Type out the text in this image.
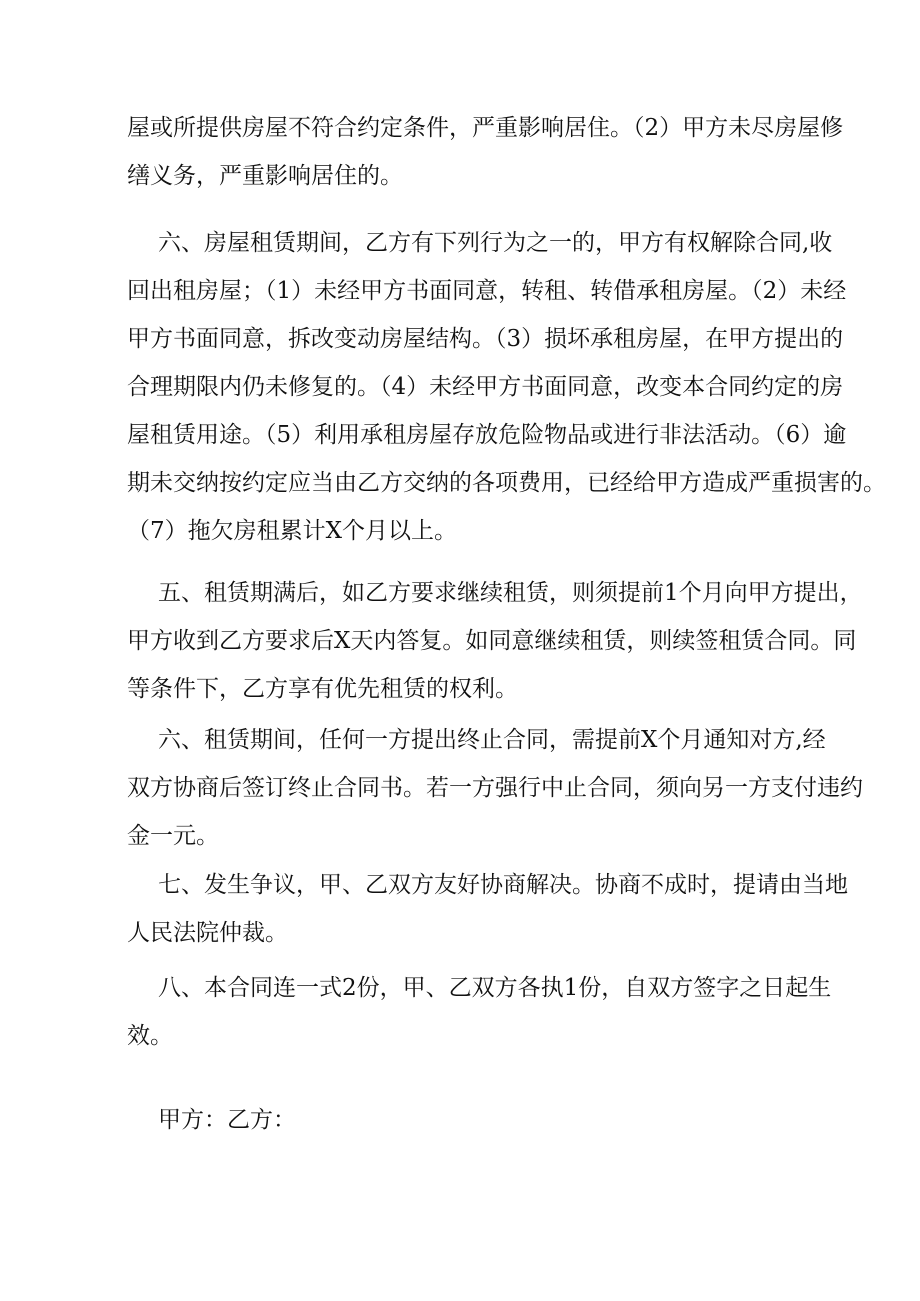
屋或所提供房屋不符合约定条件，严重影响居住。（2）甲方未尽房屋修
缮义务，严重影响居住的。
六、房屋租赁期间，乙方有下列行为之一的，甲方有权解除合同,收
回出租房屋；（1）未经甲方书面同意，转租、转借承租房屋。（2）未经
甲方书面同意，拆改变动房屋结构。（3）损坏承租房屋，在甲方提出的
合理期限内仍未修复的。（4）未经甲方书面同意，改变本合同约定的房
屋租赁用途。（5）利用承租房屋存放危险物品或进行非法活动。（6）逾
期未交纳按约定应当由乙方交纳的各项费用，已经给甲方造成严重损害的。
（7）拖欠房租累计X个月以上。
五、租赁期满后，如乙方要求继续租赁，则须提前1个月向甲方提出，
甲方收到乙方要求后X天内答复。如同意继续租赁，则续签租赁合同。同
等条件下，乙方享有优先租赁的权利。
六、租赁期间，任何一方提出终止合同，需提前X个月通知对方,经
双方协商后签订终止合同书。若一方强行中止合同，须向另一方支付违约
金一元。
七、发生争议，甲、乙双方友好协商解决。协商不成时，提请由当地
人民法院仲裁。
八、本合同连一式2份，甲、乙双方各执1份，自双方签字之日起生
效。
甲方：乙方：
